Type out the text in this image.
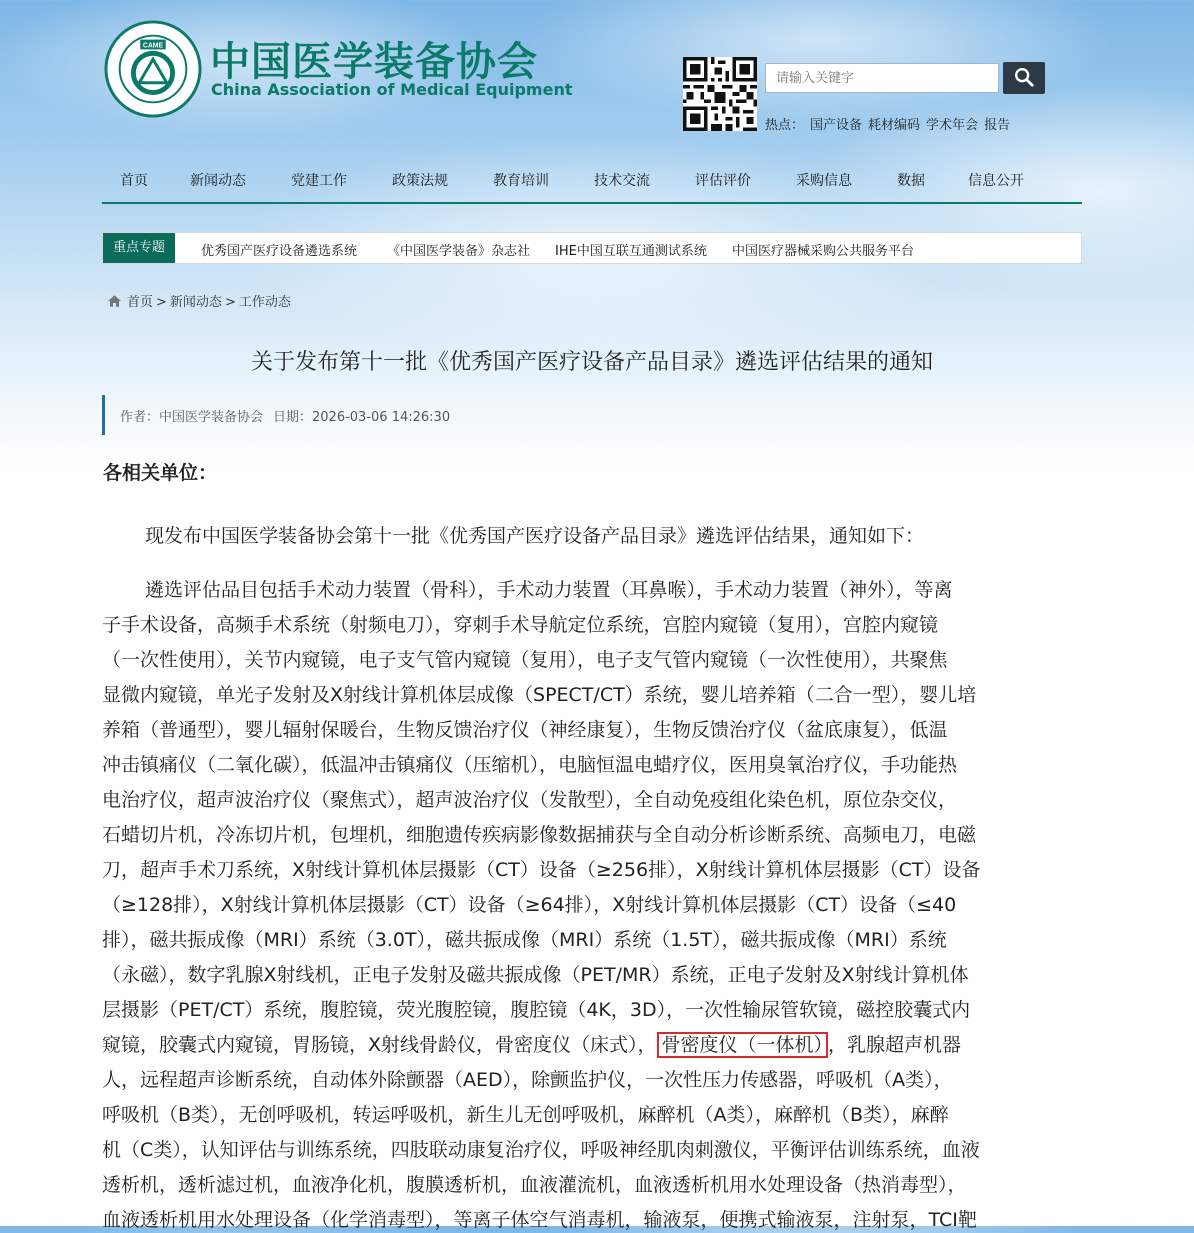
CAME 中国医学装备协会
China Association of Medical Equipment
请输入关键字
热点： 国产设备 耗材编码 学术年会 报告
首页	新闻动态	党建工作	政策法规	教育培训	技术交流	评估评价	采购信息	数据	信息公开
重点专题	优秀国产医疗设备遴选系统 《中国医学装备》杂志社 IHE中国互联互通测试系统 中国医疗器械采购公共服务平台
首页 > 新闻动态 > 工作动态
关于发布第十一批《优秀国产医疗设备产品目录》遴选评估结果的通知
作者：中国医学装备协会 日期：2026-03-06 14:26:30
各相关单位：
现发布中国医学装备协会第十一批《优秀国产医疗设备产品目录》遴选评估结果，通知如下：
遴选评估品目包括手术动力装置（骨科），手术动力装置（耳鼻喉），手术动力装置（神外），等离
子手术设备，高频手术系统（射频电刀），穿刺手术导航定位系统，宫腔内窥镜（复用），宫腔内窥镜
（一次性使用），关节内窥镜，电子支气管内窥镜（复用），电子支气管内窥镜（一次性使用），共聚焦
显微内窥镜，单光子发射及X射线计算机体层成像（SPECT/CT）系统，婴儿培养箱（二合一型），婴儿培
养箱（普通型），婴儿辐射保暖台，生物反馈治疗仪（神经康复），生物反馈治疗仪（盆底康复），低温
冲击镇痛仪（二氧化碳），低温冲击镇痛仪（压缩机），电脑恒温电蜡疗仪，医用臭氧治疗仪，手功能热
电治疗仪，超声波治疗仪（聚焦式），超声波治疗仪（发散型），全自动免疫组化染色机，原位杂交仪，
石蜡切片机，冷冻切片机，包埋机，细胞遗传疾病影像数据捕获与全自动分析诊断系统、高频电刀，电磁
刀，超声手术刀系统，X射线计算机体层摄影（CT）设备（≥256排），X射线计算机体层摄影（CT）设备
（≥128排），X射线计算机体层摄影（CT）设备（≥64排），X射线计算机体层摄影（CT）设备（≤40
排），磁共振成像（MRI）系统（3.0T），磁共振成像（MRI）系统（1.5T），磁共振成像（MRI）系统
（永磁），数字乳腺X射线机，正电子发射及磁共振成像（PET/MR）系统，正电子发射及X射线计算机体
层摄影（PET/CT）系统，腹腔镜，荧光腹腔镜，腹腔镜（4K，3D），一次性输尿管软镜，磁控胶囊式内
窥镜，胶囊式内窥镜，胃肠镜，X射线骨龄仪，骨密度仪（床式）， 骨密度仪（一体机） ，乳腺超声机器
人，远程超声诊断系统，自动体外除颤器（AED），除颤监护仪，一次性压力传感器，呼吸机（A类），
呼吸机（B类），无创呼吸机，转运呼吸机，新生儿无创呼吸机，麻醉机（A类），麻醉机（B类），麻醉
机（C类），认知评估与训练系统，四肢联动康复治疗仪，呼吸神经肌肉刺激仪，平衡评估训练系统，血液
透析机，透析滤过机，血液净化机，腹膜透析机，血液灌流机，血液透析机用水处理设备（热消毒型），
血液透析机用水处理设备（化学消毒型），等离子体空气消毒机，输液泵，便携式输液泵，注射泵，TCI靶
